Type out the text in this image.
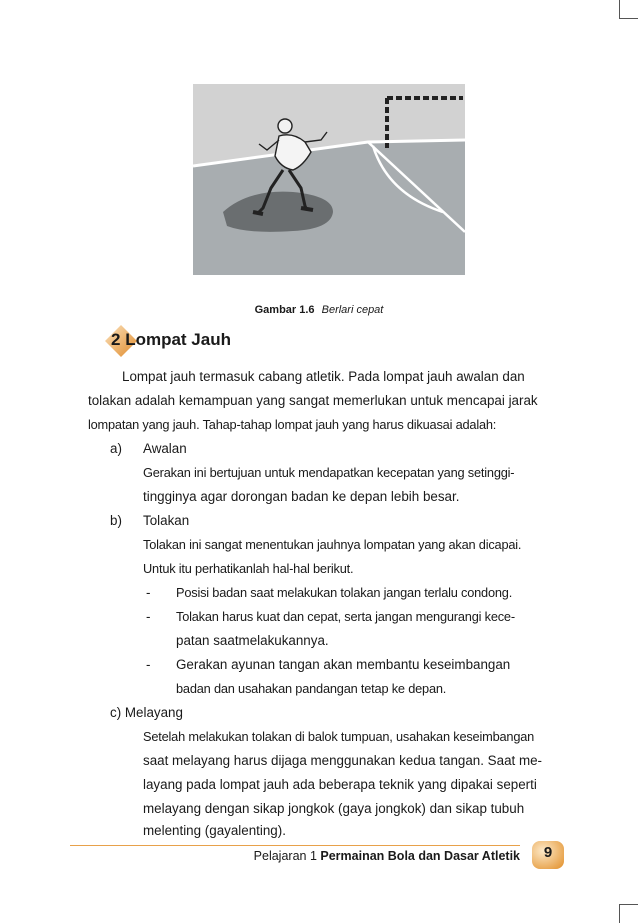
Gambar 1.6 Berlari cepat
2 Lompat Jauh
Lompat jauh termasuk cabang atletik. Pada lompat jauh awalan dan
tolakan adalah kemampuan yang sangat memerlukan untuk mencapai jarak
lompatan yang jauh. Tahap-tahap lompat jauh yang harus dikuasai adalah:
a) Awalan
Gerakan ini bertujuan untuk mendapatkan kecepatan yang setinggi-
tingginya agar dorongan badan ke depan lebih besar.
b) Tolakan
Tolakan ini sangat menentukan jauhnya lompatan yang akan dicapai.
Untuk itu perhatikanlah hal-hal berikut.
- Posisi badan saat melakukan tolakan jangan terlalu condong.
- Tolakan harus kuat dan cepat, serta jangan mengurangi kece-
patan saatmelakukannya.
- Gerakan ayunan tangan akan membantu keseimbangan
badan dan usahakan pandangan tetap ke depan.
c) Melayang
Setelah melakukan tolakan di balok tumpuan, usahakan keseimbangan
saat melayang harus dijaga menggunakan kedua tangan. Saat me-
layang pada lompat jauh ada beberapa teknik yang dipakai seperti
melayang dengan sikap jongkok (gaya jongkok) dan sikap tubuh
melenting (gayalenting).
Pelajaran 1 Permainan Bola dan Dasar Atletik	9
